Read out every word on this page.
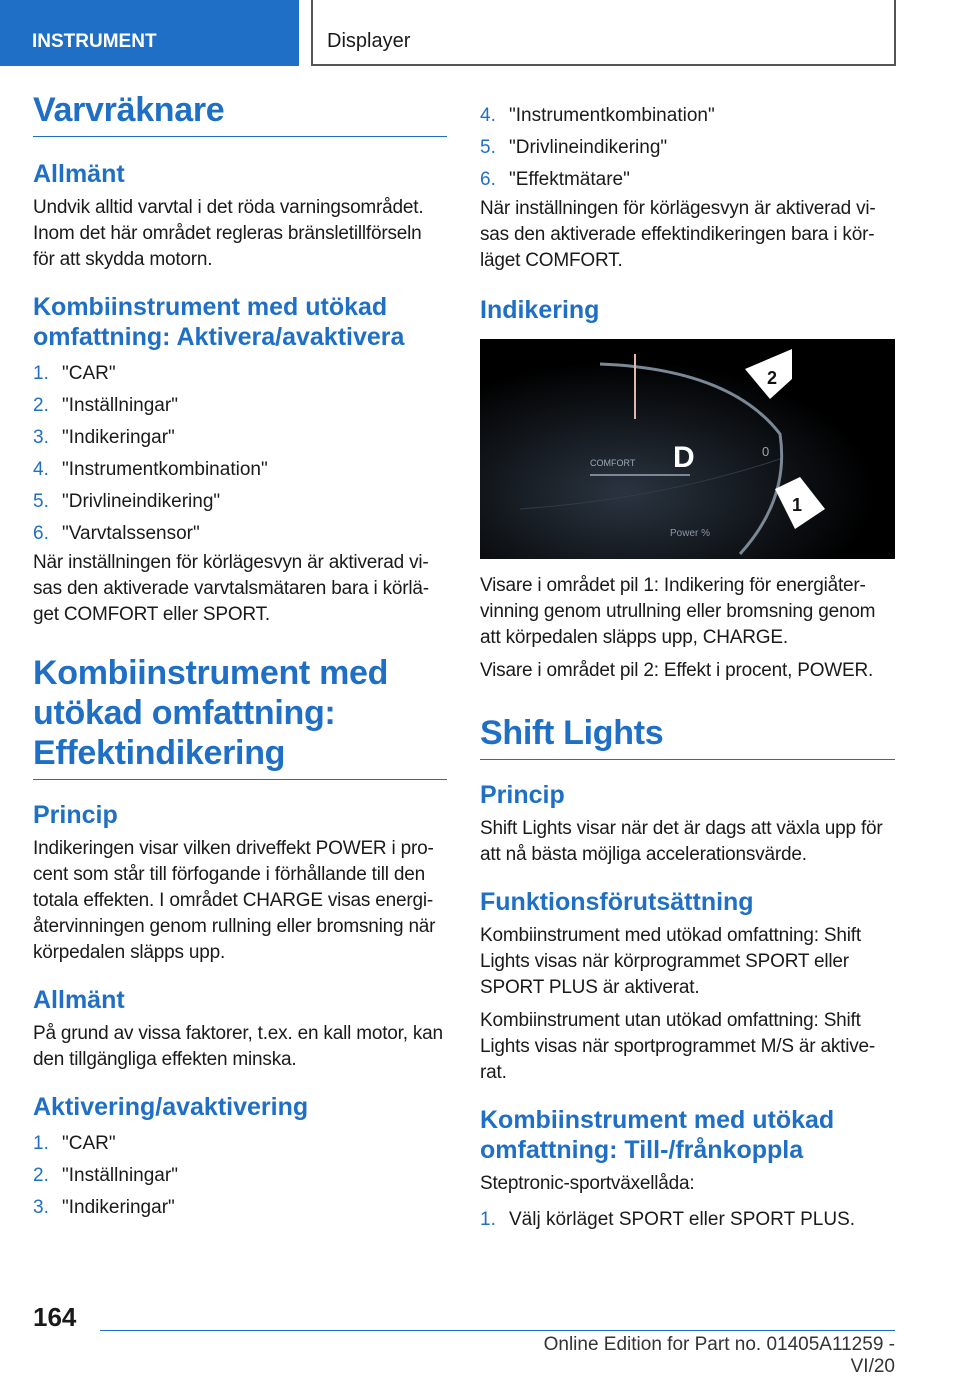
INSTRUMENT	Displayer
Varvräknare
Allmänt
Undvik alltid varvtal i det röda varningsområdet. Inom det här området regleras bränsletillförseln för att skydda motorn.
Kombiinstrument med utökad omfattning: Aktivera/avaktivera
1. "CAR"
2. "Inställningar"
3. "Indikeringar"
4. "Instrumentkombination"
5. "Drivlineindikering"
6. "Varvtalssensor"
När inställningen för körlägesvyn är aktiverad vi-sas den aktiverade varvtalsmätaren bara i körlä-get COMFORT eller SPORT.
Kombiinstrument med utökad omfattning: Effektindikering
Princip
Indikeringen visar vilken driveffekt POWER i pro-cent som står till förfogande i förhållande till den totala effekten. I området CHARGE visas energi-återvinningen genom rullning eller bromsning när körpedalen släpps upp.
Allmänt
På grund av vissa faktorer, t.ex. en kall motor, kan den tillgängliga effekten minska.
Aktivering/avaktivering
1. "CAR"
2. "Inställningar"
3. "Indikeringar"
4. "Instrumentkombination"
5. "Drivlineindikering"
6. "Effektmätare"
När inställningen för körlägesvyn är aktiverad vi-sas den aktiverade effektindikeringen bara i kör-läget COMFORT.
Indikering
COMFORT D	0
Power %
2
1
Visare i området pil 1: Indikering för energiåter-vinning genom utrullning eller bromsning genom att körpedalen släpps upp, CHARGE.
Visare i området pil 2: Effekt i procent, POWER.
Shift Lights
Princip
Shift Lights visar när det är dags att växla upp för att nå bästa möjliga accelerationsvärde.
Funktionsförutsättning
Kombiinstrument med utökad omfattning: Shift Lights visas när körprogrammet SPORT eller SPORT PLUS är aktiverat.
Kombiinstrument utan utökad omfattning: Shift Lights visas när sportprogrammet M/S är aktive-rat.
Kombiinstrument med utökad omfattning: Till-/frånkoppla
Steptronic-sportväxellåda:
1. Välj körläget SPORT eller SPORT PLUS.
164
Online Edition for Part no. 01405A11259 - VI/20
